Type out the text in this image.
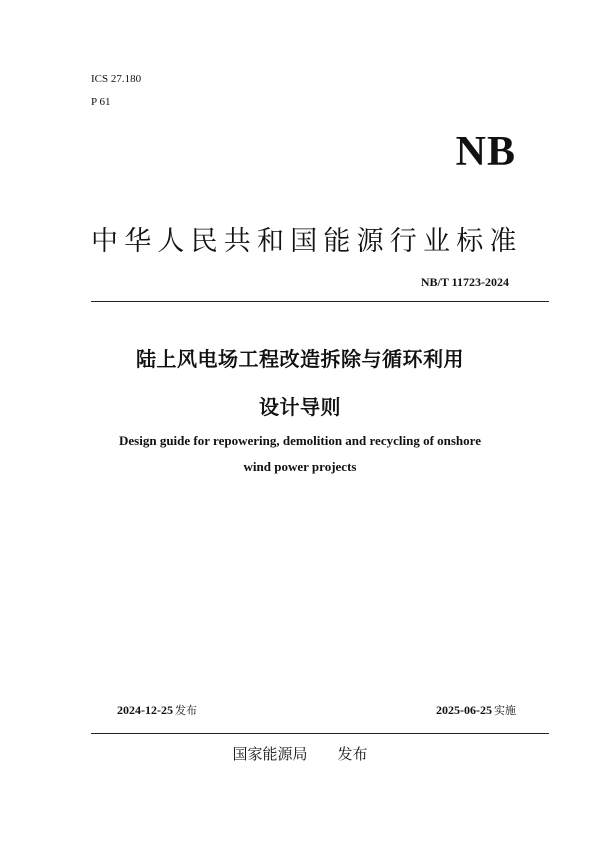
ICS 27.180
P 61
NB
中华人民共和国能源行业标准
NB/T 11723-2024
陆上风电场工程改造拆除与循环利用
设计导则
Design guide for repowering, demolition and recycling of onshore
wind power projects
2024-12-25 发布	2025-06-25 实施
国家能源局 发布
